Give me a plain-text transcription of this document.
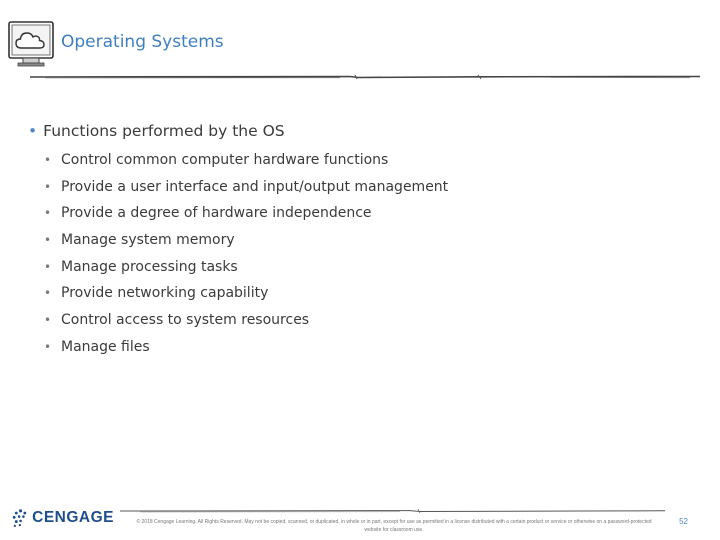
Operating Systems
• Functions performed by the OS
• Control common computer hardware functions
• Provide a user interface and input/output management
• Provide a degree of hardware independence
• Manage system memory
• Manage processing tasks
• Provide networking capability
• Control access to system resources
• Manage files
CENGAGE	© 2018 Cengage Learning. All Rights Reserved. May not be copied, scanned, or duplicated, in whole or in part, except for use as permitted in a license distributed with a certain product or service or otherwise on a password-protected website for classroom use.
52
